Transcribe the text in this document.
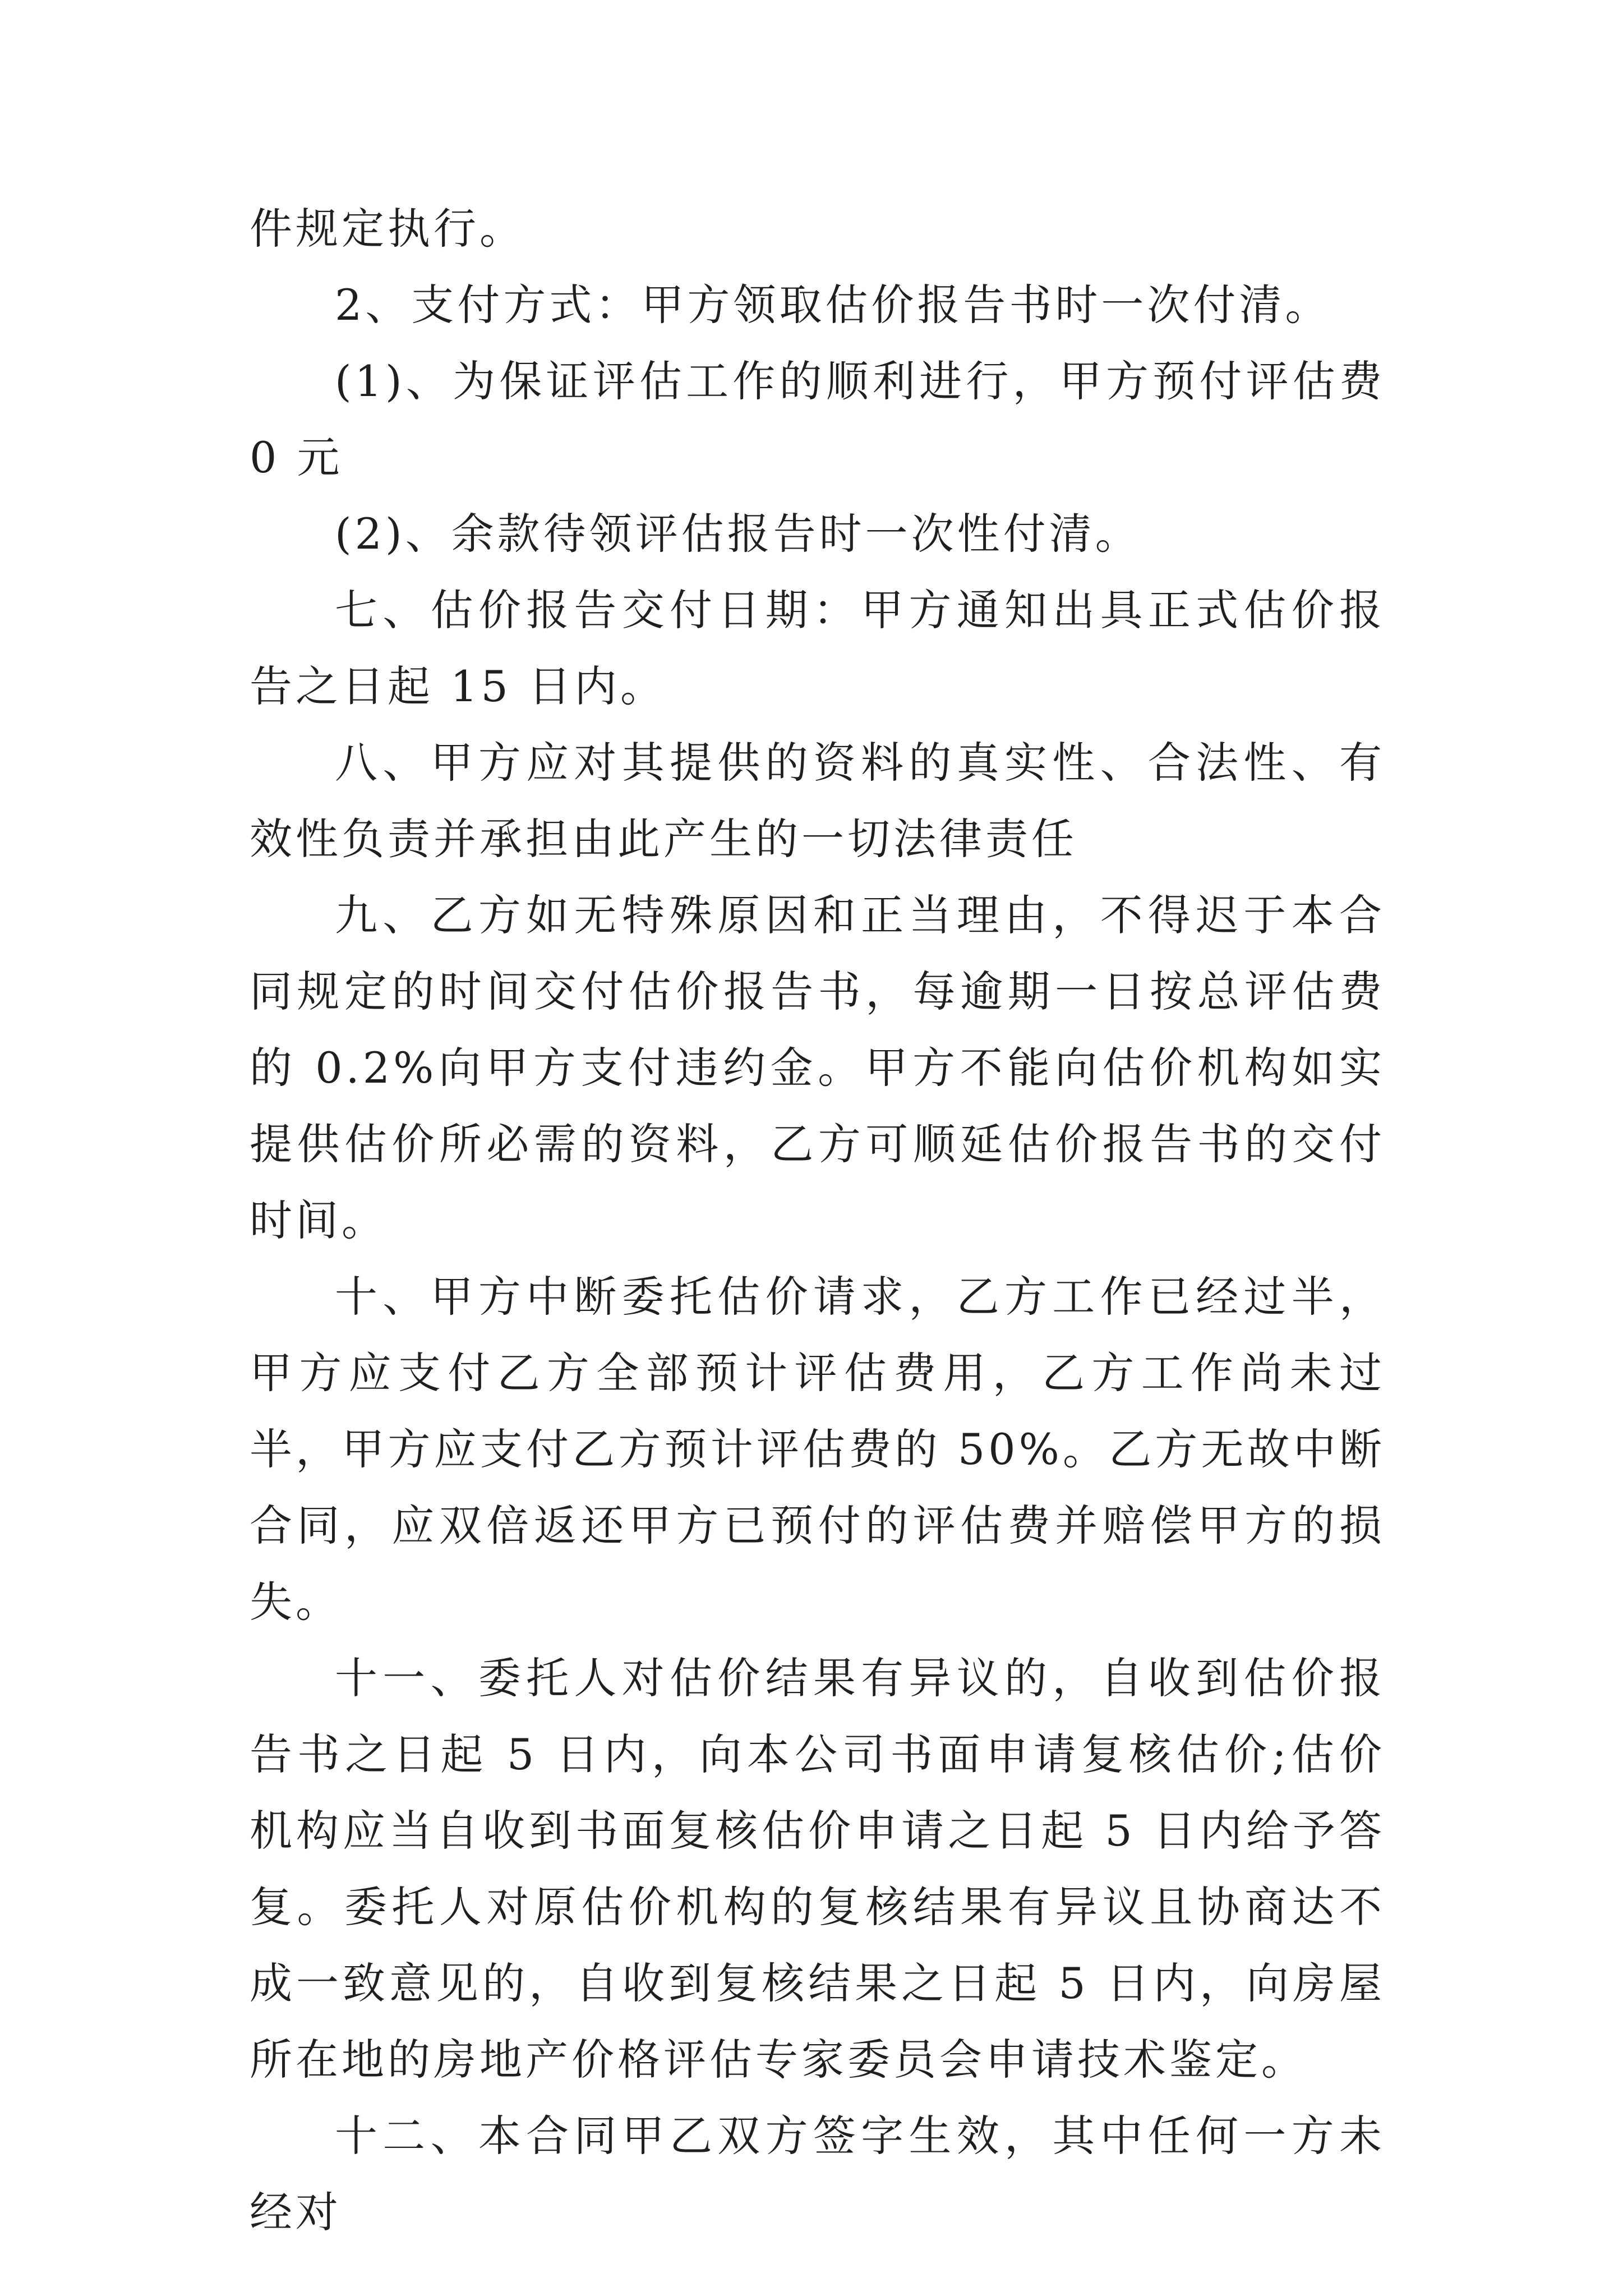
件规定执行。

2、支付方式：甲方领取估价报告书时一次付清。

(1)、为保证评估工作的顺利进行，甲方预付评估费 0 元

(2)、余款待领评估报告时一次性付清。

七、估价报告交付日期：甲方通知出具正式估价报告之日起 15 日内。

八、甲方应对其提供的资料的真实性、合法性、有效性负责并承担由此产生的一切法律责任

九、乙方如无特殊原因和正当理由，不得迟于本合同规定的时间交付估价报告书，每逾期一日按总评估费的 0.2%向甲方支付违约金。甲方不能向估价机构如实提供估价所必需的资料，乙方可顺延估价报告书的交付时间。

十、甲方中断委托估价请求，乙方工作已经过半，甲方应支付乙方全部预计评估费用，乙方工作尚未过半，甲方应支付乙方预计评估费的 50%。乙方无故中断合同，应双倍返还甲方已预付的评估费并赔偿甲方的损失。

十一、委托人对估价结果有异议的，自收到估价报告书之日起 5 日内，向本公司书面申请复核估价;估价机构应当自收到书面复核估价申请之日起 5 日内给予答复。委托人对原估价机构的复核结果有异议且协商达不成一致意见的，自收到复核结果之日起 5 日内，向房屋所在地的房地产价格评估专家委员会申请技术鉴定。

十二、本合同甲乙双方签字生效，其中任何一方未经对
